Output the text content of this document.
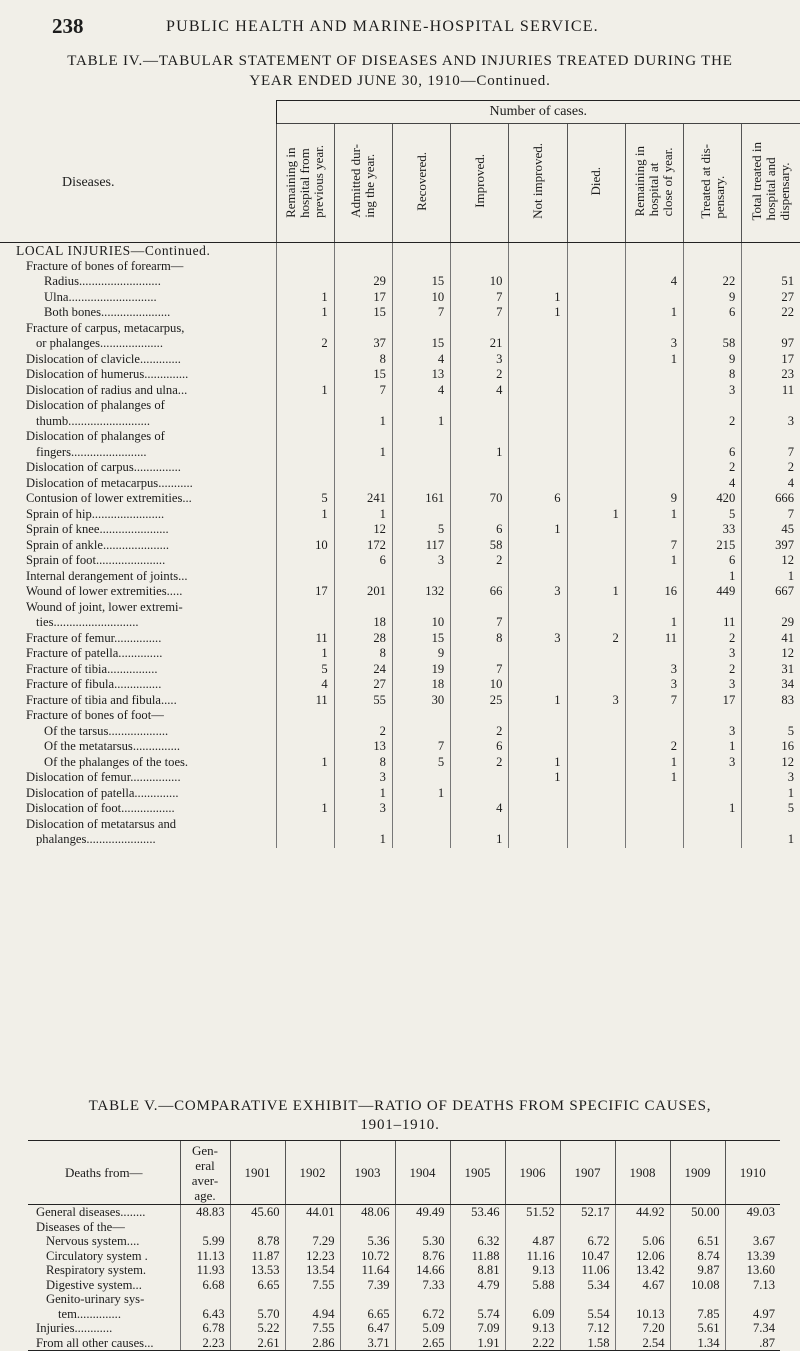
238	PUBLIC HEALTH AND MARINE-HOSPITAL SERVICE.
TABLE IV.—TABULAR STATEMENT OF DISEASES AND INJURIES TREATED DURING THE
YEAR ENDED JUNE 30, 1910—Continued.
	Number of cases.								
Diseases.	Remaining in
hospital from
previous year.	Admitted dur-
ing the year.	Recovered.	Improved.	Not improved.	Died.	Remaining in
hospital at
close of year.	Treated at dis-
pensary.	Total treated in
hospital and
dispensary.
LOCAL INJURIES—Continued.									
Fracture of bones of forearm—									
Radius..........................		29	15	10			4	22	51
Ulna............................	1	17	10	7	1			9	27
Both bones......................	1	15	7	7	1		1	6	22
Fracture of carpus, metacarpus,									
or phalanges....................	2	37	15	21			3	58	97
Dislocation of clavicle.............		8	4	3			1	9	17
Dislocation of humerus..............		15	13	2				8	23
Dislocation of radius and ulna...	1	7	4	4				3	11
Dislocation of phalanges of									
thumb..........................		1	1					2	3
Dislocation of phalanges of									
fingers........................		1		1				6	7
Dislocation of carpus...............								2	2
Dislocation of metacarpus...........								4	4
Contusion of lower extremities...	5	241	161	70	6		9	420	666
Sprain of hip.......................	1	1				1	1	5	7
Sprain of knee......................		12	5	6	1			33	45
Sprain of ankle.....................	10	172	117	58			7	215	397
Sprain of foot......................		6	3	2			1	6	12
Internal derangement of joints...								1	1
Wound of lower extremities.....	17	201	132	66	3	1	16	449	667
Wound of joint, lower extremi-									
ties...........................		18	10	7			1	11	29
Fracture of femur...............	11	28	15	8	3	2	11	2	41
Fracture of patella..............	1	8	9					3	12
Fracture of tibia................	5	24	19	7			3	2	31
Fracture of fibula...............	4	27	18	10			3	3	34
Fracture of tibia and fibula.....	11	55	30	25	1	3	7	17	83
Fracture of bones of foot—									
Of the tarsus...................		2		2				3	5
Of the metatarsus...............		13	7	6			2	1	16
Of the phalanges of the toes.	1	8	5	2	1		1	3	12
Dislocation of femur................		3			1		1		3
Dislocation of patella..............		1	1						1
Dislocation of foot.................	1	3		4				1	5
Dislocation of metatarsus and									
phalanges......................		1		1					1
TABLE V.—COMPARATIVE EXHIBIT—RATIO OF DEATHS FROM SPECIFIC CAUSES,
1901–1910.
Deaths from—	Gen-
eral
aver-
age.	1901	1902	1903	1904	1905	1906	1907	1908	1909	1910
General diseases........	48.83	45.60	44.01	48.06	49.49	53.46	51.52	52.17	44.92	50.00	49.03
Diseases of the—											
Nervous system....	5.99	8.78	7.29	5.36	5.30	6.32	4.87	6.72	5.06	6.51	3.67
Circulatory system .	11.13	11.87	12.23	10.72	8.76	11.88	11.16	10.47	12.06	8.74	13.39
Respiratory system.	11.93	13.53	13.54	11.64	14.66	8.81	9.13	11.06	13.42	9.87	13.60
Digestive system...	6.68	6.65	7.55	7.39	7.33	4.79	5.88	5.34	4.67	10.08	7.13
Genito-urinary sys-											
tem..............	6.43	5.70	4.94	6.65	6.72	5.74	6.09	5.54	10.13	7.85	4.97
Injuries............	6.78	5.22	7.55	6.47	5.09	7.09	9.13	7.12	7.20	5.61	7.34
From all other causes...	2.23	2.61	2.86	3.71	2.65	1.91	2.22	1.58	2.54	1.34	.87
